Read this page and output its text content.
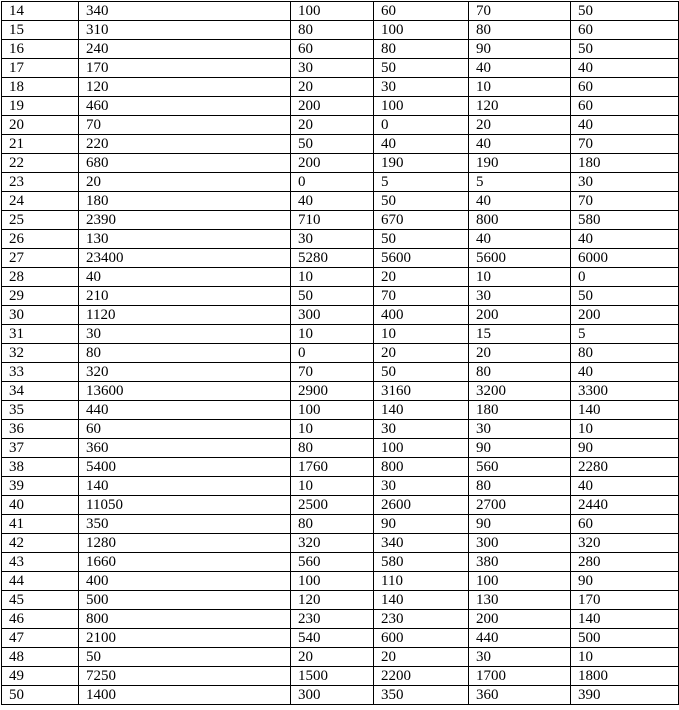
14	340	100	60	70	50
15	310	80	100	80	60
16	240	60	80	90	50
17	170	30	50	40	40
18	120	20	30	10	60
19	460	200	100	120	60
20	70	20	0	20	40
21	220	50	40	40	70
22	680	200	190	190	180
23	20	0	5	5	30
24	180	40	50	40	70
25	2390	710	670	800	580
26	130	30	50	40	40
27	23400	5280	5600	5600	6000
28	40	10	20	10	0
29	210	50	70	30	50
30	1120	300	400	200	200
31	30	10	10	15	5
32	80	0	20	20	80
33	320	70	50	80	40
34	13600	2900	3160	3200	3300
35	440	100	140	180	140
36	60	10	30	30	10
37	360	80	100	90	90
38	5400	1760	800	560	2280
39	140	10	30	80	40
40	11050	2500	2600	2700	2440
41	350	80	90	90	60
42	1280	320	340	300	320
43	1660	560	580	380	280
44	400	100	110	100	90
45	500	120	140	130	170
46	800	230	230	200	140
47	2100	540	600	440	500
48	50	20	20	30	10
49	7250	1500	2200	1700	1800
50	1400	300	350	360	390
